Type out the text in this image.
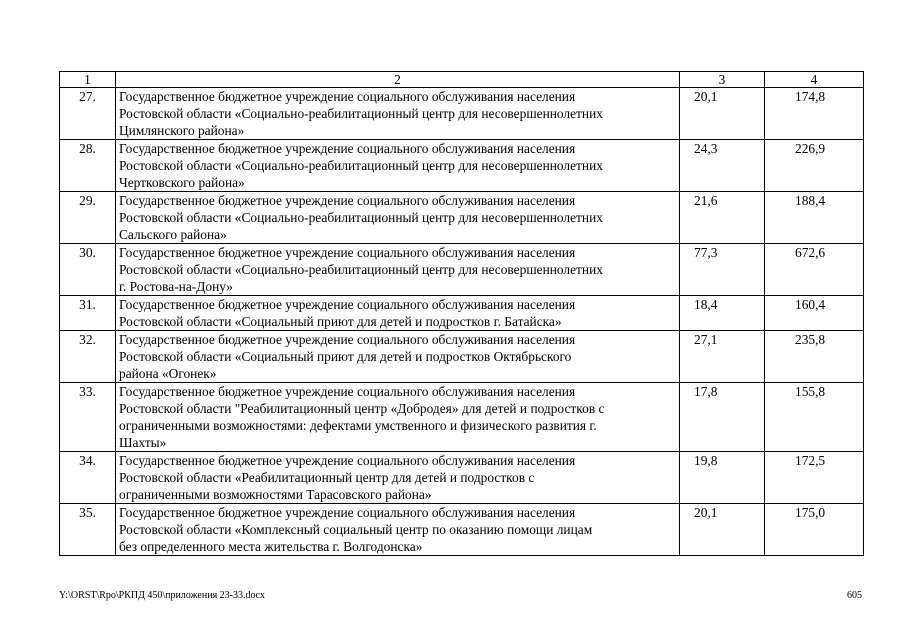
1	2	3	4
27.	Государственное бюджетное учреждение социального обслуживания населения
Ростовской области «Социально-реабилитационный центр для несовершеннолетних
Цимлянского района»	20,1	174,8
28.	Государственное бюджетное учреждение социального обслуживания населения
Ростовской области «Социально-реабилитационный центр для несовершеннолетних
Чертковского района»	24,3	226,9
29.	Государственное бюджетное учреждение социального обслуживания населения
Ростовской области «Социально-реабилитационный центр для несовершеннолетних
Сальского района»	21,6	188,4
30.	Государственное бюджетное учреждение социального обслуживания населения
Ростовской области «Социально-реабилитационный центр для несовершеннолетних
г. Ростова-на-Дону»	77,3	672,6
31.	Государственное бюджетное учреждение социального обслуживания населения
Ростовской области «Социальный приют для детей и подростков г. Батайска»	18,4	160,4
32.	Государственное бюджетное учреждение социального обслуживания населения
Ростовской области «Социальный приют для детей и подростков Октябрьского
района «Огонек»	27,1	235,8
33.	Государственное бюджетное учреждение социального обслуживания населения
Ростовской области "Реабилитационный центр «Добродея» для детей и подростков с
ограниченными возможностями: дефектами умственного и физического развития г.
Шахты»	17,8	155,8
34.	Государственное бюджетное учреждение социального обслуживания населения
Ростовской области «Реабилитационный центр для детей и подростков с
ограниченными возможностями Тарасовского района»	19,8	172,5
35.	Государственное бюджетное учреждение социального обслуживания населения
Ростовской области «Комплексный социальный центр по оказанию помощи лицам
без определенного места жительства г. Волгодонска»	20,1	175,0
Y:\ORST\Rpo\РКПД 450\приложения 23-33.docx	605
